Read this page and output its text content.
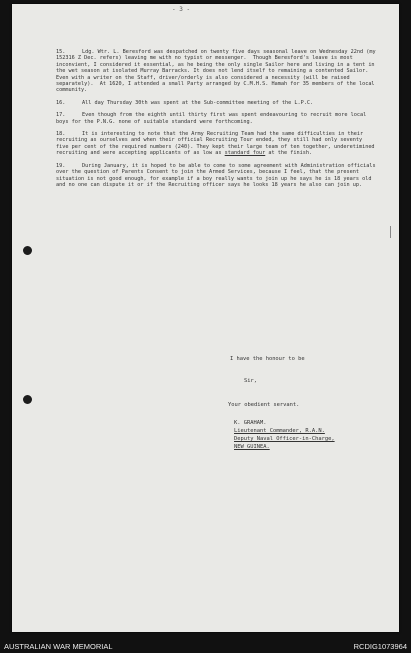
- 3 -

15.	Ldg. Wtr. L. Beresford was despatched on twenty five days seasonal leave on Wednesday 22nd (my 152316 Z Dec. refers) leaving me with no typist or messenger.  Though Beresford's leave is most inconvient, I considered it essential, as he being the only single Sailor here and living in a tent in the wet season at isolated Murray Barracks. It does not lend itself to remaining a contented Sailor.  Even with a writer on the Staff, driver/orderly is also considered a necessity (will be raised separately).  At 1620, I attended a small Party arranged by C.M.H.S. Hamah for 35 members of the local community.

16.	All day Thursday 30th was spent at the Sub-committee meeting of the L.P.C.

17.	Even though from the eighth until thirty first was spent endeavouring to recruit more local boys for the P.N.G. none of suitable standard were forthcoming.

18.	It is interesting to note that the Army Recruiting Team had the same difficulties in their recruiting as ourselves and when their official Recruiting Tour ended, they still had only seventy five per cent of the required numbers (240). They kept their large team of ten together, underetimined recruiting and were accepting applicants of as low as standard four at the finish.

19.	During January, it is hoped to be able to come to some agreement with Administration officials over the question of Parents Consent to join the Armed Services, because I feel, that the present situation is not good enough, for example if a boy really wants to join up he says he is 18 years old and no one can dispute it or if the Recruiting officer says he looks 18 years he also can join up.

I have the honour to be
Sir,
Your obedient servant.
K. GRAHAM.
Lieutenant Commander, R.A.N.
Deputy Naval Officer-in-Charge,
NEW GUINEA.
AUSTRALIAN WAR MEMORIAL	RCDIG1073964
